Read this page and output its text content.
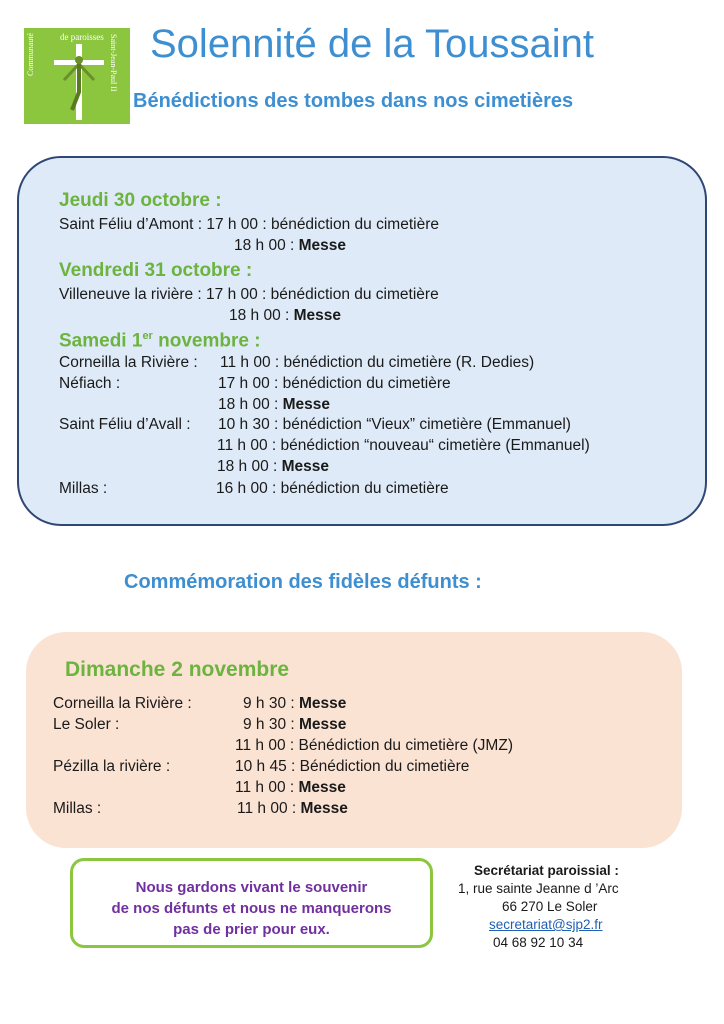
Communauté	de paroisses Saint-Jean-Paul II Solennité de la Toussaint
Bénédictions des tombes dans nos cimetières
Jeudi 30 octobre :
Saint Féliu d’Amont : 17 h 00 : bénédiction du cimetière
18 h 00 : Messe
Vendredi 31 octobre :
Villeneuve la rivière : 17 h 00 : bénédiction du cimetière
18 h 00 : Messe
Samedi 1er novembre :
Corneilla la Rivière : 11 h 00 : bénédiction du cimetière (R. Dedies)
Néfiach :	17 h 00 : bénédiction du cimetière
18 h 00 : Messe
Saint Féliu d’Avall : 10 h 30 : bénédiction “Vieux” cimetière (Emmanuel)
11 h 00 : bénédiction “nouveau“ cimetière (Emmanuel)
18 h 00 : Messe
Millas :	16 h 00 : bénédiction du cimetière
Commémoration des fidèles défunts :
Dimanche 2 novembre
Corneilla la Rivière :	9 h 30 : Messe
Le Soler :	9 h 30 : Messe
11 h 00 : Bénédiction du cimetière (JMZ)
Pézilla la rivière :	10 h 45 : Bénédiction du cimetière
11 h 00 : Messe
Millas :	11 h 00 : Messe
Nous gardons vivant le souvenir
de nos défunts et nous ne manquerons
pas de prier pour eux.
Secrétariat paroissial :
1, rue sainte Jeanne d ’Arc
66 270 Le Soler
secretariat@sjp2.fr
04 68 92 10 34
